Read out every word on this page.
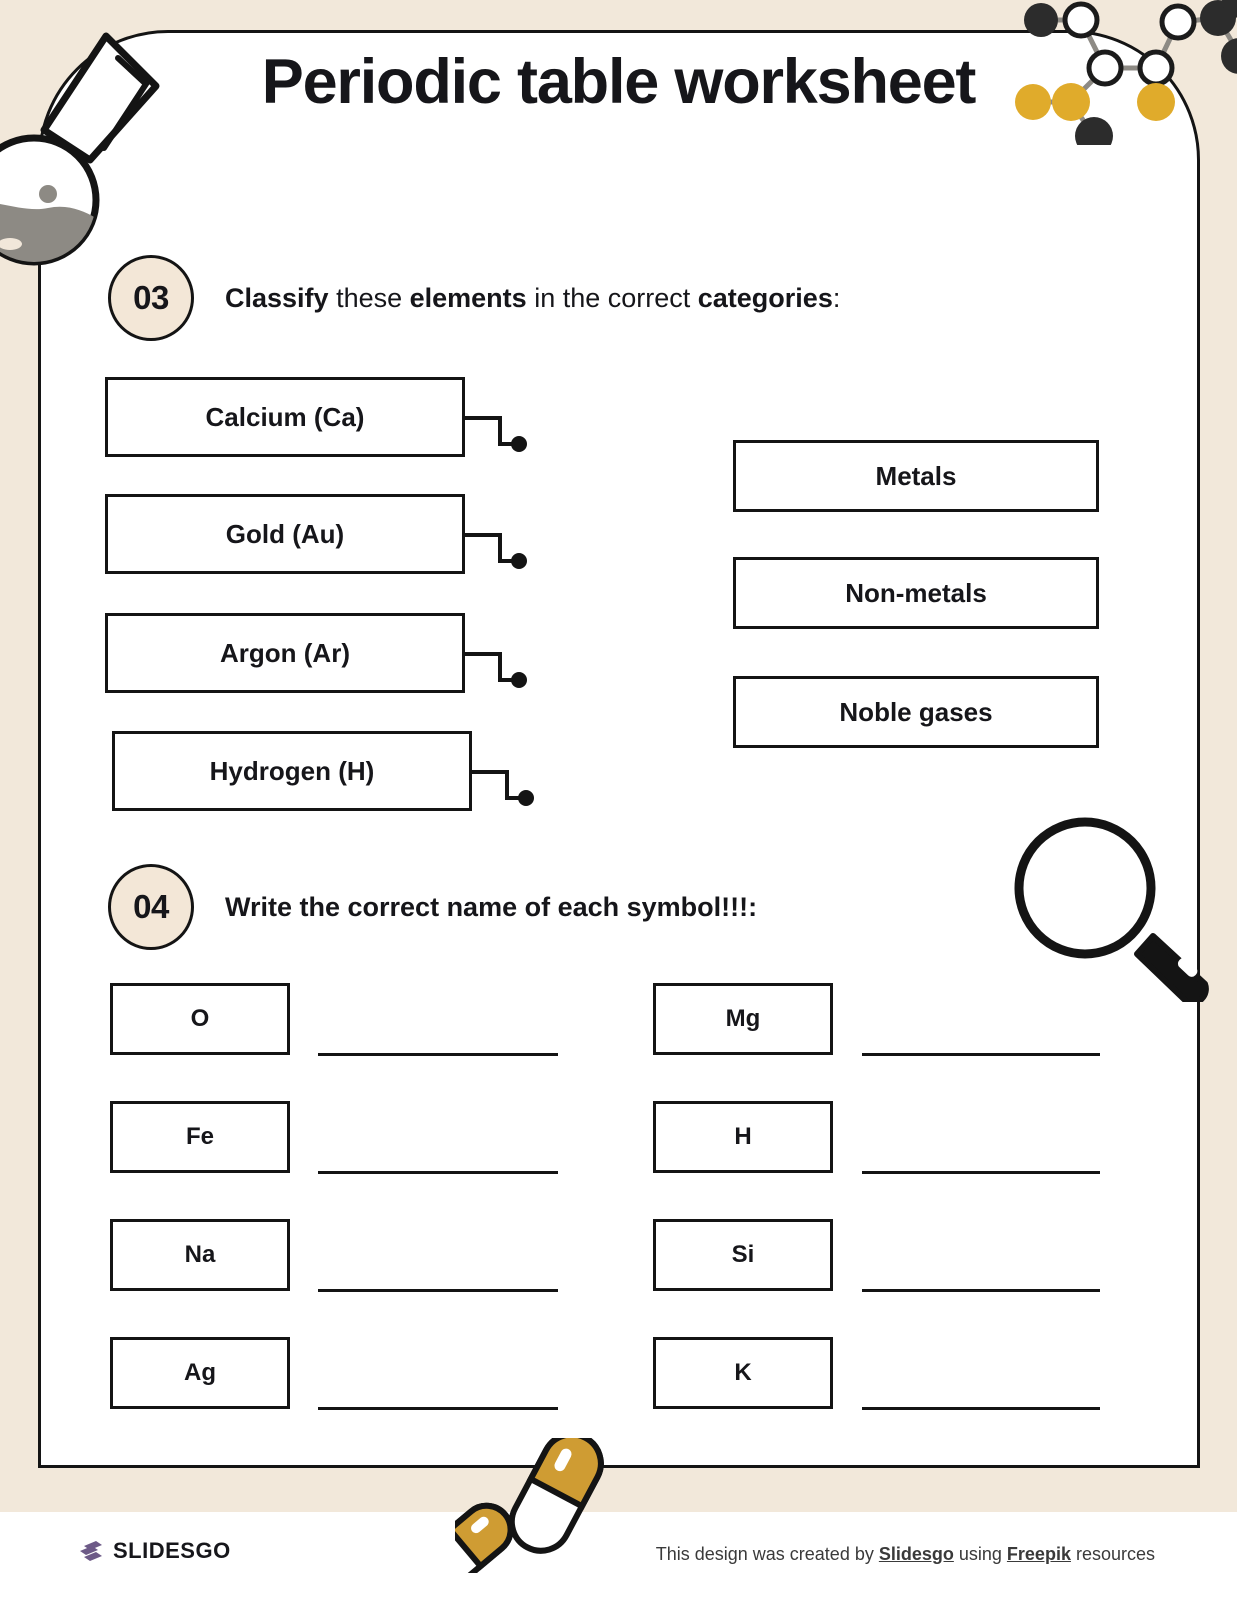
Periodic table worksheet
03	Classify these elements in the correct categories:
Calcium (Ca)
Gold (Au)
Argon (Ar)
Hydrogen (H)
Metals
Non-metals
Noble gases
04	Write the correct name of each symbol!!!:
O
Fe
Na
Ag
Mg
H
Si
K
SLIDESGO	This design was created by Slidesgo using Freepik resources
